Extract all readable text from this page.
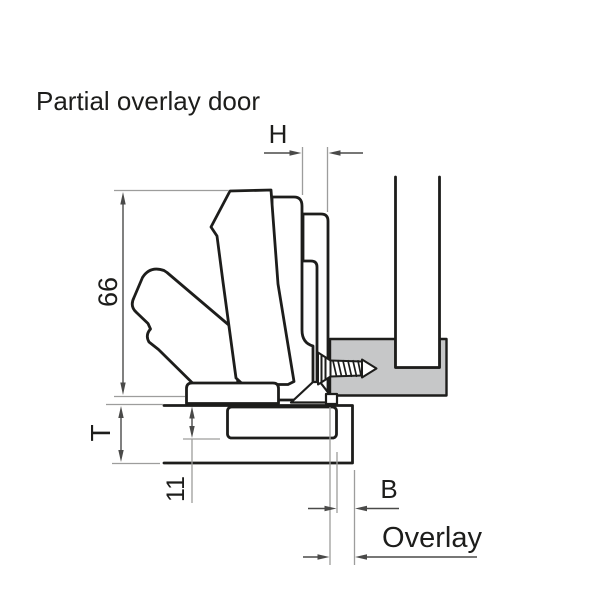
H
66
T
11	B
Overlay
Partial overlay door
